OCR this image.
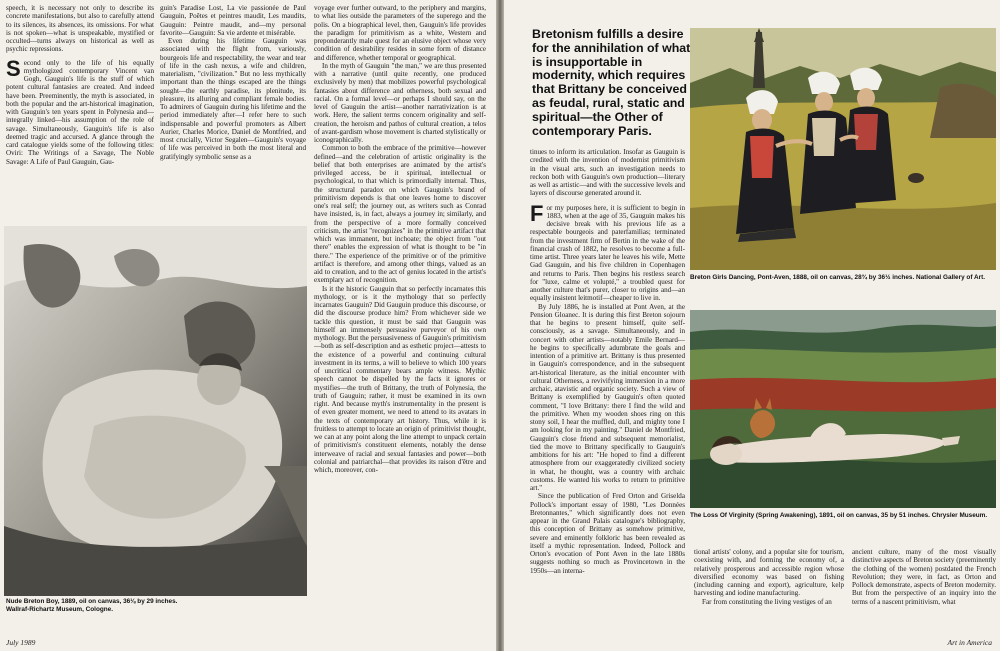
speech, it is necessary not only to describe its concrete manifestations, but also to carefully attend to its silences, its absences, its omissions. For what is not spoken—what is unspeakable, mystified or occulted—turns always on historical as well as psychic repressions.

Second only to the life of his equally mythologized contemporary Vincent van Gogh, Gauguin's life is the stuff of which potent cultural fantasies are created. And indeed have been. Preeminently, the myth is associated, in both the popular and the art-historical imagination, with Gauguin's ten years spent in Polynesia and—integrally linked—his assumption of the role of savage. Simultaneously, Gauguin's life is also deemed tragic and accursed. A glance through the card catalogue yields some of the following titles: Oviri: The Writings of a Savage, The Noble Savage: A Life of Paul Gauguin, Gau-

guin's Paradise Lost, La vie passionée de Paul Gauguin, Poêtes et peintres maudit, Les maudits, Gauguin: Peintre maudit, and—my personal favorite—Gauguin: Sa vie ardente et misérable.

Even during his lifetime Gauguin was associated with the flight from, variously, bourgeois life and respectability, the wear and tear of life in the cash nexus, a wife and children, materialism, "civilization." But no less mythically important than the things escaped are the things sought—the earthly paradise, its plenitude, its pleasure, its alluring and compliant female bodies. To admirers of Gauguin during his lifetime and the period immediately after—I refer here to such indispensable and powerful promoters as Albert Aurier, Charles Morice, Daniel de Montfried, and most crucially, Victor Segalen—Gauguin's voyage of life was perceived in both the most literal and gratifyingly symbolic sense as a

voyage ever further outward, to the periphery and margins, to what lies outside the parameters of the superego and the polis. On a biographical level, then, Gauguin's life provides the paradigm for primitivism as a white, Western and preponderantly male quest for an elusive object whose very condition of desirability resides in some form of distance and difference, whether temporal or geographical.

In the myth of Gauguin "the man," we are thus presented with a narrative (until quite recently, one produced exclusively by men) that mobilizes powerful psychological fantasies about difference and otherness, both sexual and racial. On a formal level—or perhaps I should say, on the level of Gauguin the artist—another narrativization is at work. Here, the salient terms concern originality and self-creation, the heroism and pathos of cultural creation, a telos of avant-gardism whose movement is charted stylistically or iconographically.

Common to both the embrace of the primitive—however defined—and the celebration of artistic originality is the belief that both enterprises are animated by the artist's privileged access, be it spiritual, intellectual or psychological, to that which is primordially internal. Thus, the structural paradox on which Gauguin's brand of primitivism depends is that one leaves home to discover one's real self; the journey out, as writers such as Conrad have insisted, is, in fact, always a journey in; similarly, and from the perspective of a more formally conceived criticism, the artist "recognizes" in the primitive artifact that which was immanent, but inchoate; the object from "out there" enables the expression of what is thought to be "in there." The experience of the primitive or of the primitive artifact is therefore, and among other things, valued as an aid to creation, and to the act of genius located in the artist's exemplary act of recognition.

Is it the historic Gauguin that so perfectly incarnates this mythology, or is it the mythology that so perfectly incarnates Gauguin? Did Gauguin produce this discourse, or did the discourse produce him? From whichever side we tackle this question, it must be said that Gauguin was himself an immensely persuasive purveyor of his own mythology. But the persuasiveness of Gauguin's primitivism—both as self-description and as esthetic project—attests to the existence of a powerful and continuing cultural investment in its terms, a will to believe to which 100 years of uncritical commentary bears ample witness. Mythic speech cannot be dispelled by the facts it ignores or mystifies—the truth of Brittany, the truth of Polynesia, the truth of Gauguin; rather, it must be examined in its own right. And because myth's instrumentality in the present is of even greater moment, we need to attend to its avatars in the texts of contemporary art history. Thus, while it is fruitless to attempt to locate an origin of primitivist thought, we can at any point along the line attempt to unpack certain of primitivism's constituent elements, notably the dense interweave of racial and sexual fantasies and power—both colonial and patriarchal—that provides its raison d'être and which, moreover, con-

Nude Breton Boy, 1889, oil on canvas, 36⅛ by 29 inches.
Wallraf-Richartz Museum, Cologne.
July 1989
Bretonism fulfills a desire for the annihilation of what is insupportable in modernity, which requires that Brittany be conceived as feudal, rural, static and spiritual—the Other of contemporary Paris.

tinues to inform its articulation. Insofar as Gauguin is credited with the invention of modernist primitivism in the visual arts, such an investigation needs to reckon both with Gauguin's own production—literary as well as artistic—and with the successive levels and layers of discourse generated around it.

For my purposes here, it is sufficient to begin in 1883, when at the age of 35, Gauguin makes his decisive break with his previous life as a respectable bourgeois and paterfamilias; terminated from the investment firm of Bertin in the wake of the financial crash of 1882, he resolves to become a full-time artist. Three years later he leaves his wife, Mette Gad Gauguin, and his five children in Copenhagen and returns to Paris. Then begins his restless search for "luxe, calme et volupté," a troubled quest for another culture that's purer, closer to origins and—an equally insistent leitmotif—cheaper to live in.

By July 1886, he is installed at Pont Aven, at the Pension Gloanec. It is during this first Breton sojourn that he begins to present himself, quite self-consciously, as a savage. Simultaneously, and in concert with other artists—notably Emile Bernard—he begins to specifically adumbrate the goals and intention of a primitive art. Brittany is thus presented in Gauguin's correspondence, and in the subsequent art-historical literature, as the initial encounter with cultural Otherness, a revivifying immersion in a more archaic, atavistic and organic society. Such a view of Brittany is exemplified by Gauguin's often quoted comment, "I love Brittany: there I find the wild and the primitive. When my wooden shoes ring on this stony soil, I hear the muffled, dull, and mighty tone I am looking for in my painting." Daniel de Montfried, Gauguin's close friend and subsequent memorialist, tied the move to Brittany specifically to Gauguin's ambitions for his art: "He hoped to find a different atmosphere from our exaggeratedly civilized society in what, he thought, was a country with archaic customs. He wanted his works to return to primitive art."

Since the publication of Fred Orton and Griselda Pollock's important essay of 1980, "Les Données Bretonnantes," which significantly does not even appear in the Grand Palais catalogue's bibliography, this conception of Brittany as somehow primitive, severe and eminently folkloric has been revealed as itself a mythic representation. Indeed, Pollock and Orton's evocation of Pont Aven in the late 1880s suggests nothing so much as Provincetown in the 1950s—an interna-

tional artists' colony, and a popular site for tourism, coexisting with, and forming the economy of, a relatively prosperous and accessible region whose diversified economy was based on fishing (including canning and export), agriculture, kelp harvesting and iodine manufacturing.

Far from constituting the living vestiges of an

ancient culture, many of the most visually distinctive aspects of Breton society (preeminently the clothing of the women) postdated the French Revolution; they were, in fact, as Orton and Pollock demonstrate, aspects of Breton modernity. But from the perspective of an inquiry into the terms of a nascent primitivism, what

Breton Girls Dancing, Pont-Aven, 1888, oil on canvas, 28¾ by 36½ inches. National Gallery of Art.
The Loss Of Virginity (Spring Awakening), 1891, oil on canvas, 35 by 51 inches. Chrysler Museum.
Art in America
